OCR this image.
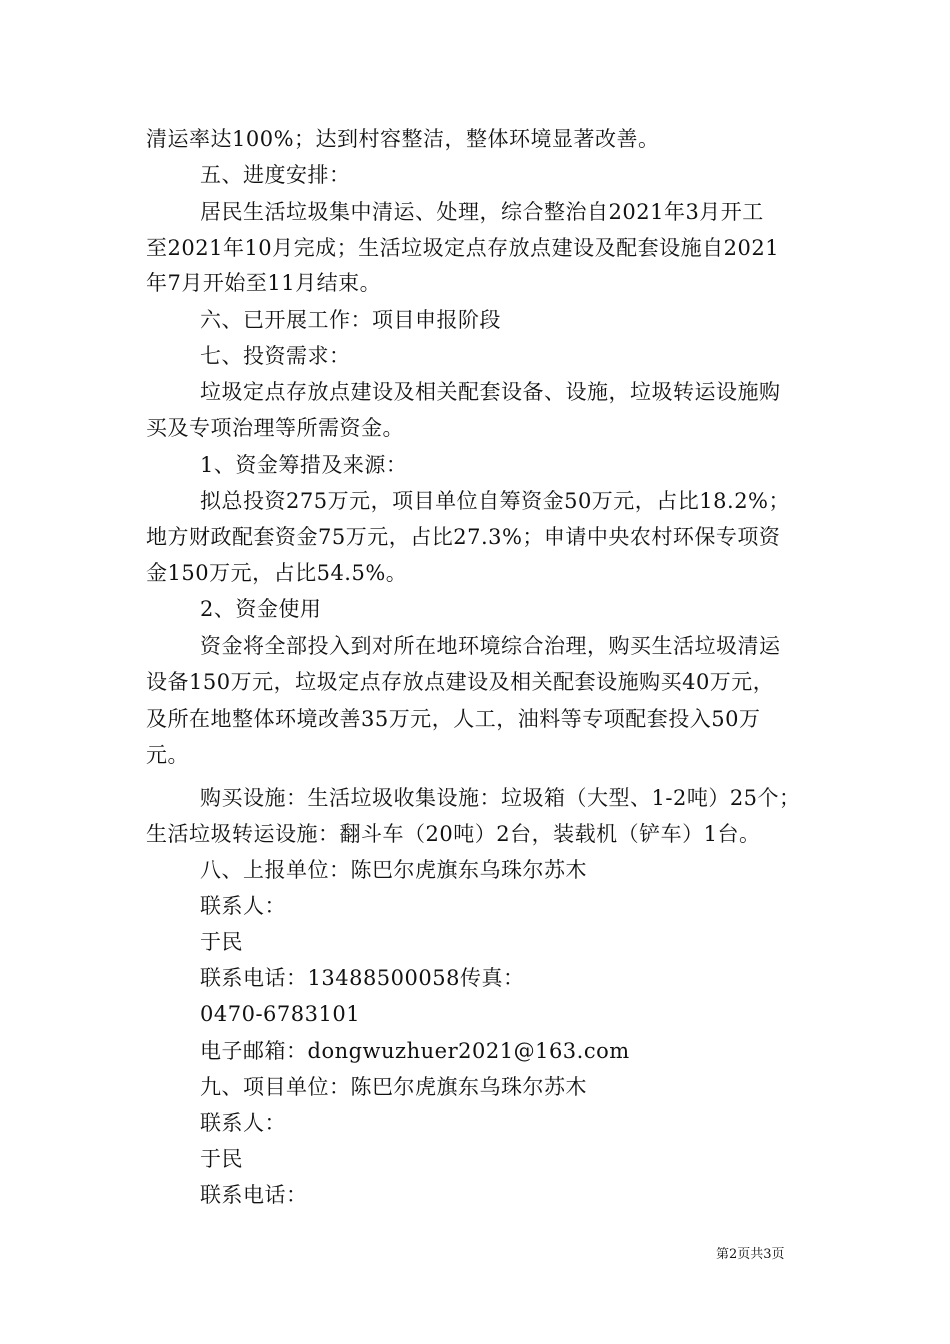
清运率达100%；达到村容整洁，整体环境显著改善。
五、进度安排：
居民生活垃圾集中清运、处理，综合整治自2021年3月开工
至2021年10月完成；生活垃圾定点存放点建设及配套设施自2021
年7月开始至11月结束。
六、已开展工作：项目申报阶段
七、投资需求：
垃圾定点存放点建设及相关配套设备、设施，垃圾转运设施购
买及专项治理等所需资金。
1、资金筹措及来源：
拟总投资275万元，项目单位自筹资金50万元，占比18.2%；
地方财政配套资金75万元，占比27.3%；申请中央农村环保专项资
金150万元，占比54.5%。
2、资金使用
资金将全部投入到对所在地环境综合治理，购买生活垃圾清运
设备150万元，垃圾定点存放点建设及相关配套设施购买40万元，
及所在地整体环境改善35万元，人工，油料等专项配套投入50万
元。
购买设施：生活垃圾收集设施：垃圾箱（大型、1-2吨）25个；
生活垃圾转运设施：翻斗车（20吨）2台，装载机（铲车）1台。
八、上报单位：陈巴尔虎旗东乌珠尔苏木
联系人：
于民
联系电话：13488500058传真：
0470-6783101
电子邮箱：dongwuzhuer2021@163.com
九、项目单位：陈巴尔虎旗东乌珠尔苏木
联系人：
于民
联系电话：
第2页共3页
